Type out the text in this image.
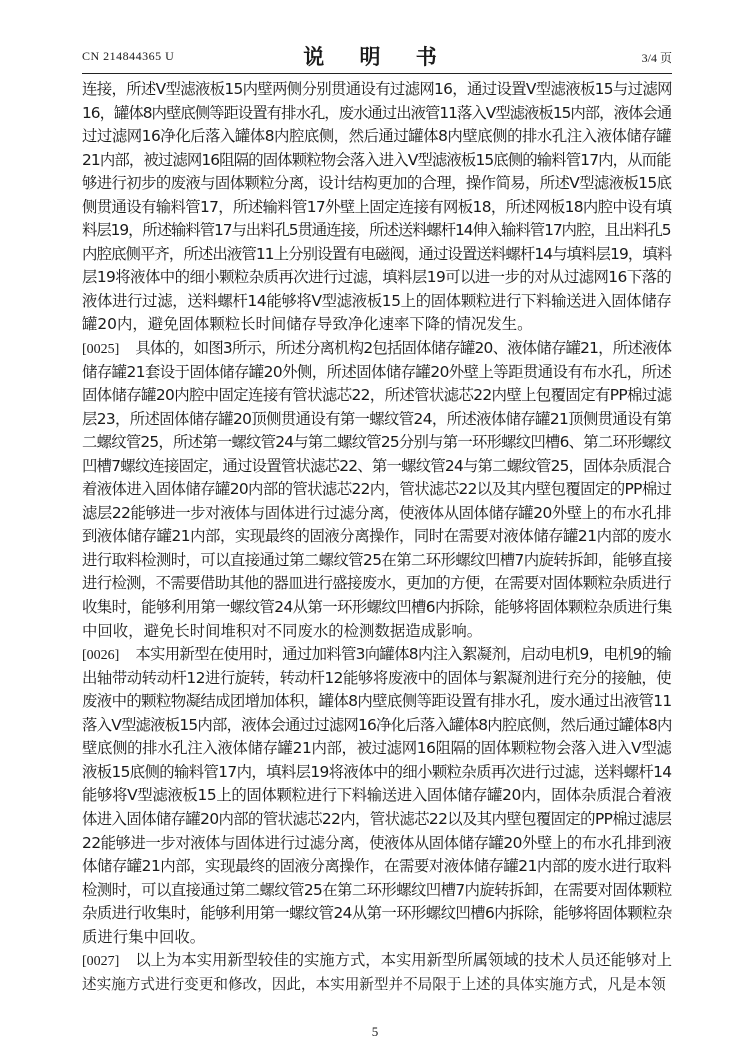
CN 214844365 U	说 明 书	3/4 页
连接，所述V型滤液板15内壁两侧分别贯通设有过滤网16，通过设置V型滤液板15与过滤网
16，罐体8内壁底侧等距设置有排水孔，废水通过出液管11落入V型滤液板15内部，液体会通
过过滤网16净化后落入罐体8内腔底侧，然后通过罐体8内壁底侧的排水孔注入液体储存罐
21内部，被过滤网16阻隔的固体颗粒物会落入进入V型滤液板15底侧的输料管17内，从而能
够进行初步的废液与固体颗粒分离，设计结构更加的合理，操作简易，所述V型滤液板15底
侧贯通设有输料管17，所述输料管17外壁上固定连接有网板18，所述网板18内腔中设有填
料层19，所述输料管17与出料孔5贯通连接，所述送料螺杆14伸入输料管17内腔，且出料孔5
内腔底侧平齐，所述出液管11上分别设置有电磁阀，通过设置送料螺杆14与填料层19，填料
层19将液体中的细小颗粒杂质再次进行过滤，填料层19可以进一步的对从过滤网16下落的
液体进行过滤，送料螺杆14能够将V型滤液板15上的固体颗粒进行下料输送进入固体储存
罐20内，避免固体颗粒长时间储存导致净化速率下降的情况发生。
[0025] 具体的，如图3所示，所述分离机构2包括固体储存罐20、液体储存罐21，所述液体
储存罐21套设于固体储存罐20外侧，所述固体储存罐20外壁上等距贯通设有布水孔，所述
固体储存罐20内腔中固定连接有管状滤芯22，所述管状滤芯22内壁上包覆固定有PP棉过滤
层23，所述固体储存罐20顶侧贯通设有第一螺纹管24，所述液体储存罐21顶侧贯通设有第
二螺纹管25，所述第一螺纹管24与第二螺纹管25分别与第一环形螺纹凹槽6、第二环形螺纹
凹槽7螺纹连接固定，通过设置管状滤芯22、第一螺纹管24与第二螺纹管25，固体杂质混合
着液体进入固体储存罐20内部的管状滤芯22内，管状滤芯22以及其内壁包覆固定的PP棉过
滤层22能够进一步对液体与固体进行过滤分离，使液体从固体储存罐20外壁上的布水孔排
到液体储存罐21内部，实现最终的固液分离操作，同时在需要对液体储存罐21内部的废水
进行取料检测时，可以直接通过第二螺纹管25在第二环形螺纹凹槽7内旋转拆卸，能够直接
进行检测，不需要借助其他的器皿进行盛接废水，更加的方便，在需要对固体颗粒杂质进行
收集时，能够利用第一螺纹管24从第一环形螺纹凹槽6内拆除，能够将固体颗粒杂质进行集
中回收，避免长时间堆积对不同废水的检测数据造成影响。
[0026] 本实用新型在使用时，通过加料管3向罐体8内注入絮凝剂，启动电机9，电机9的输
出轴带动转动杆12进行旋转，转动杆12能够将废液中的固体与絮凝剂进行充分的接触，使
废液中的颗粒物凝结成团增加体积，罐体8内壁底侧等距设置有排水孔，废水通过出液管11
落入V型滤液板15内部，液体会通过过滤网16净化后落入罐体8内腔底侧，然后通过罐体8内
壁底侧的排水孔注入液体储存罐21内部，被过滤网16阻隔的固体颗粒物会落入进入V型滤
液板15底侧的输料管17内，填料层19将液体中的细小颗粒杂质再次进行过滤，送料螺杆14
能够将V型滤液板15上的固体颗粒进行下料输送进入固体储存罐20内，固体杂质混合着液
体进入固体储存罐20内部的管状滤芯22内，管状滤芯22以及其内壁包覆固定的PP棉过滤层
22能够进一步对液体与固体进行过滤分离，使液体从固体储存罐20外壁上的布水孔排到液
体储存罐21内部，实现最终的固液分离操作，在需要对液体储存罐21内部的废水进行取料
检测时，可以直接通过第二螺纹管25在第二环形螺纹凹槽7内旋转拆卸，在需要对固体颗粒
杂质进行收集时，能够利用第一螺纹管24从第一环形螺纹凹槽6内拆除，能够将固体颗粒杂
质进行集中回收。
[0027] 以上为本实用新型较佳的实施方式，本实用新型所属领域的技术人员还能够对上
述实施方式进行变更和修改，因此，本实用新型并不局限于上述的具体实施方式，凡是本领
5
